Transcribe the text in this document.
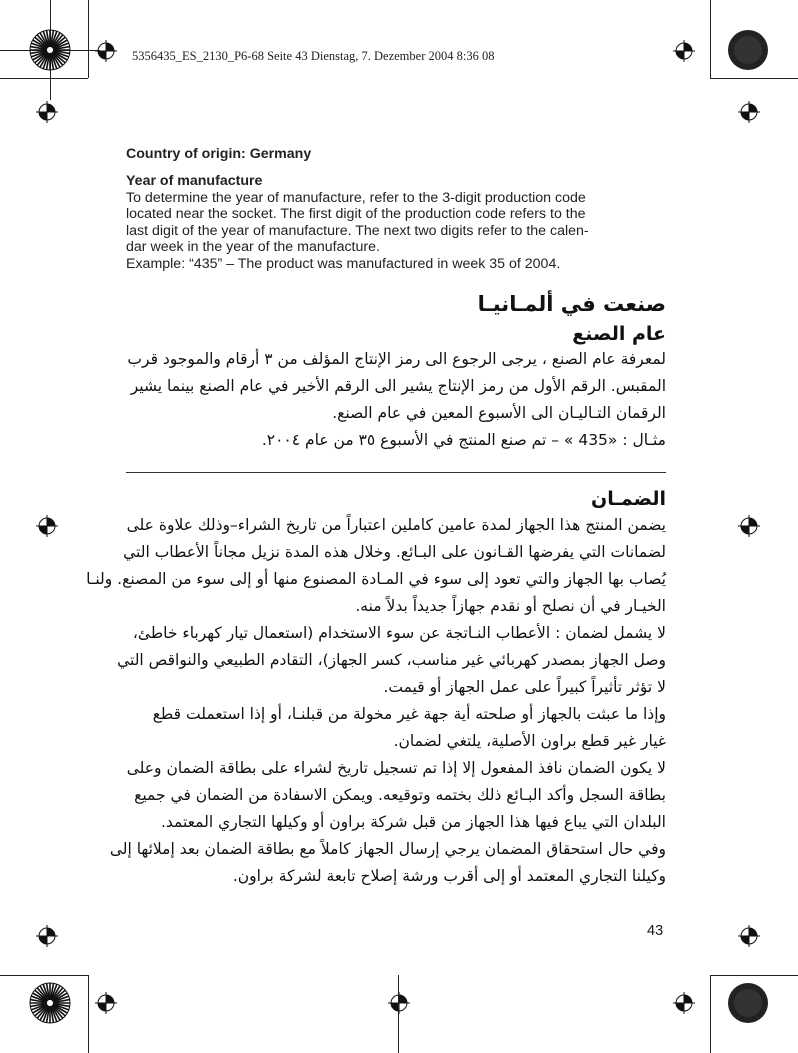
5356435_ES_2130_P6-68 Seite 43 Dienstag, 7. Dezember 2004 8:36 08
Country of origin: Germany
Year of manufacture
To determine the year of manufacture, refer to the 3-digit production code
located near the socket. The first digit of the production code refers to the
last digit of the year of manufacture. The next two digits refer to the calen-
dar week in the year of the manufacture.
Example: “435” – The product was manufactured in week 35 of 2004.
صنعت في ألمـانيـا
عام الصنع
لمعرفة عام الصنع ، يرجى الرجوع الى رمز الإنتاج المؤلف من ٣ أرقام والموجود قرب
المقبس. الرقم الأول من رمز الإنتاج يشير الى الرقم الأخير في عام الصنع بينما يشير
الرقمان التـاليـان الى الأسبوع المعين في عام الصنع.
مثـال : «435 » – تم صنع المنتج في الأسبوع ٣٥ من عام ٢٠٠٤.
الضمـان
يضمن المنتج هذا الجهاز لمدة عامين كاملين اعتباراً من تاريخ الشراء–وذلك علاوة على
لضمانات التي يفرضها القـانون على البـائع. وخلال هذه المدة نزيل مجاناً الأعطاب التي
يُصاب بها الجهاز والتي تعود إلى سوء في المـادة المصنوع منها أو إلى سوء من المصنع. ولنـا
الخيـار في أن نصلح أو نقدم جهازاً جديداً بدلاً منه.
لا يشمل لضمان : الأعطاب النـاتجة عن سوء الاستخدام (استعمال تيار كهرباء خاطئ،
وصل الجهاز بمصدر كهربائي غير مناسب، كسر الجهاز)، التقادم الطبيعي والنواقص التي
لا تؤثر تأثيراً كبيراً على عمل الجهاز أو قيمت.
وإذا ما عبثت بالجهاز أو صلحته أية جهة غير مخولة من قبلنـا، أو إذا استعملت قطع
غيار غير قطع براون الأصلية، يلتغي لضمان.
لا يكون الضمان نافذ المفعول إلا إذا تم تسجيل تاريخ لشراء على بطاقة الضمان وعلى
بطاقة السجل وأكد البـائع ذلك بختمه وتوقيعه. ويمكن الاسفادة من الضمان في جميع
البلدان التي يباع فيها هذا الجهاز من قبل شركة براون أو وكيلها التجاري المعتمد.
وفي حال استحقاق المضمان يرجي إرسال الجهاز كاملاً مع بطاقة الضمان بعد إملائها إلى
وكيلنا التجاري المعتمد أو إلى أقرب ورشة إصلاح تابعة لشركة براون.
43
